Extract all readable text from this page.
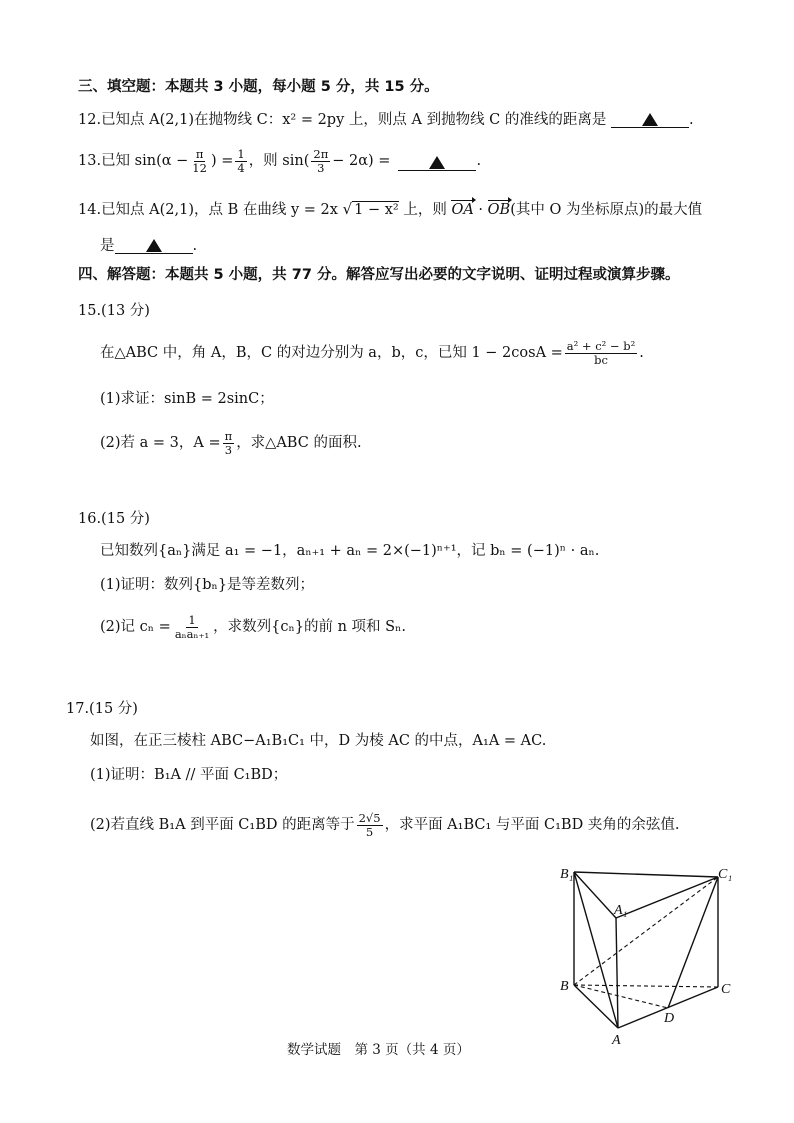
三、填空题：本题共 3 小题，每小题 5 分，共 15 分。
12.已知点 A(2,1)在抛物线 C：x² = 2py 上，则点 A 到抛物线 C 的准线的距离是	.
13. 已知 $\sin(\alpha - \frac{\pi}{12}$ ) = $\frac{1}{4}$ ，则 $\sin( \frac{2\pi}{3} - 2\alpha)$ =	.
14.已知点 A(2,1)，点 B 在曲线 y = 2x √ 1 − x² 上，则 OA · OB(其中 O 为坐标原点)的最大值
是	.
四、解答题：本题共 5 小题，共 77 分。解答应写出必要的文字说明、证明过程或演算步骤。
15.(13 分)
在△ABC 中，角 A，B，C 的对边分别为 a，b，c，已知 $1 - 2\cos A = \frac{\text{a² + c² − b²}}{bc}$ .
(1)求证：sinB = 2sinC；
(2)若 a = 3，$A = \frac{\pi}{3}$ ，求△ABC 的面积.
16.(15 分)
已知数列{aₙ}满足 a₁ = −1，aₙ₊₁ + aₙ = 2×(−1)ⁿ⁺¹，记 bₙ = (−1)ⁿ · aₙ.
(1)证明：数列{bₙ}是等差数列；
(2)记 $c_n = \frac{1}{\text{aₙaₙ₊₁}}$ ，求数列{cₙ}的前 n 项和 Sₙ.
17.(15 分)
如图，在正三棱柱 ABC−A₁B₁C₁ 中，D 为棱 AC 的中点，A₁A = AC.
(1)证明：B₁A // 平面 C₁BD；
(2)若直线 B₁A 到平面 C₁BD 的距离等于 $\frac{2√5}{5}$ ，求平面 A₁BC₁ 与平面 C₁BD 夹角的余弦值.
B₁	C₁
A₁
B	C
D
A
数学试题　第 3 页（共 4 页）
